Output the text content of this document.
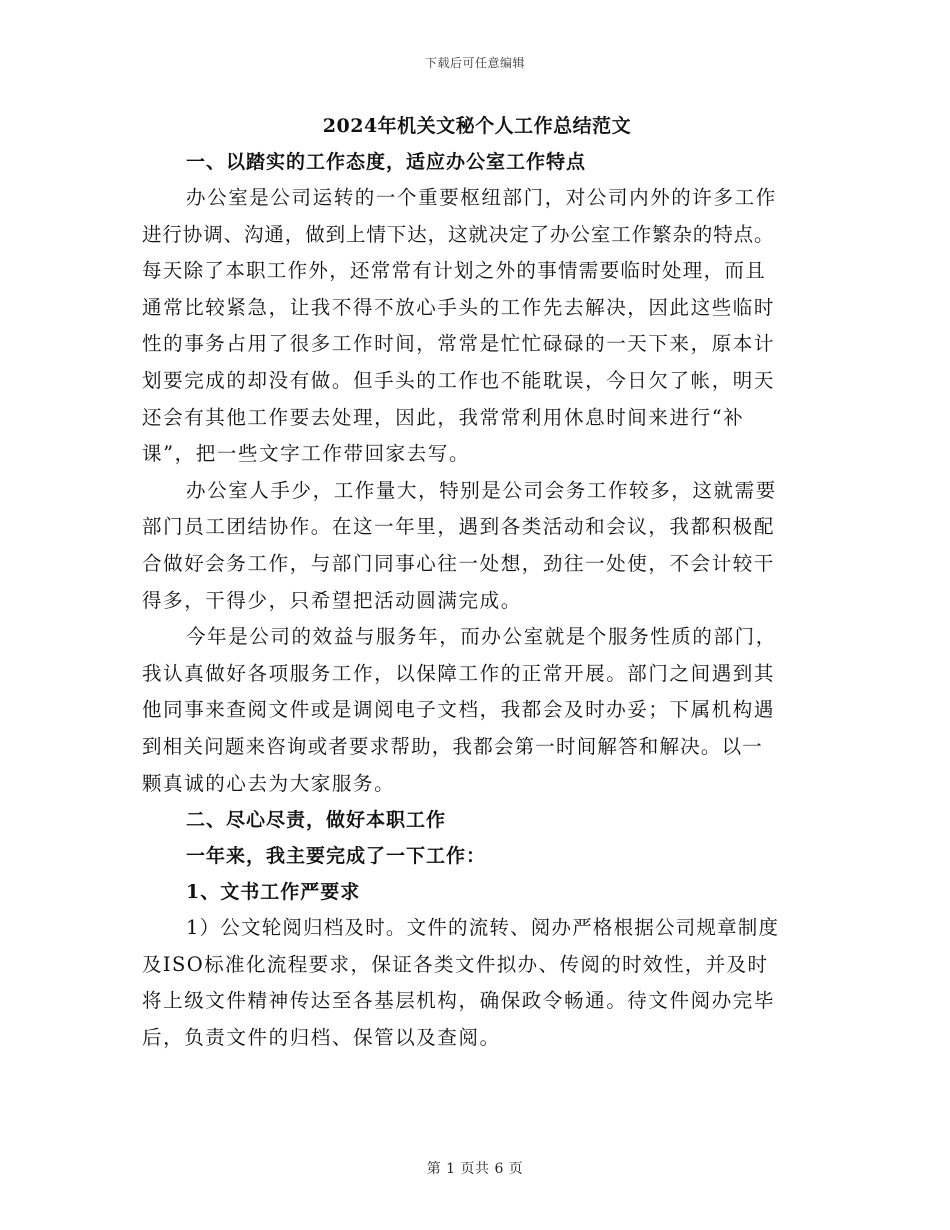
下载后可任意编辑
2024年机关文秘个人工作总结范文
一、以踏实的工作态度，适应办公室工作特点

办公室是公司运转的一个重要枢纽部门，对公司内外的许多工作
进行协调、沟通，做到上情下达，这就决定了办公室工作繁杂的特点。
每天除了本职工作外，还常常有计划之外的事情需要临时处理，而且
通常比较紧急，让我不得不放心手头的工作先去解决，因此这些临时
性的事务占用了很多工作时间，常常是忙忙碌碌的一天下来，原本计
划要完成的却没有做。但手头的工作也不能耽误，今日欠了帐，明天
还会有其他工作要去处理，因此，我常常利用休息时间来进行“补
课”，把一些文字工作带回家去写。

办公室人手少，工作量大，特别是公司会务工作较多，这就需要
部门员工团结协作。在这一年里，遇到各类活动和会议，我都积极配
合做好会务工作，与部门同事心往一处想，劲往一处使，不会计较干
得多，干得少，只希望把活动圆满完成。

今年是公司的效益与服务年，而办公室就是个服务性质的部门，
我认真做好各项服务工作，以保障工作的正常开展。部门之间遇到其
他同事来查阅文件或是调阅电子文档，我都会及时办妥；下属机构遇
到相关问题来咨询或者要求帮助，我都会第一时间解答和解决。以一
颗真诚的心去为大家服务。

二、尽心尽责，做好本职工作
一年来，我主要完成了一下工作：
1、文书工作严要求

1）公文轮阅归档及时。文件的流转、阅办严格根据公司规章制度
及ISO标准化流程要求，保证各类文件拟办、传阅的时效性，并及时
将上级文件精神传达至各基层机构，确保政令畅通。待文件阅办完毕
后，负责文件的归档、保管以及查阅。

第 1 页共 6 页
